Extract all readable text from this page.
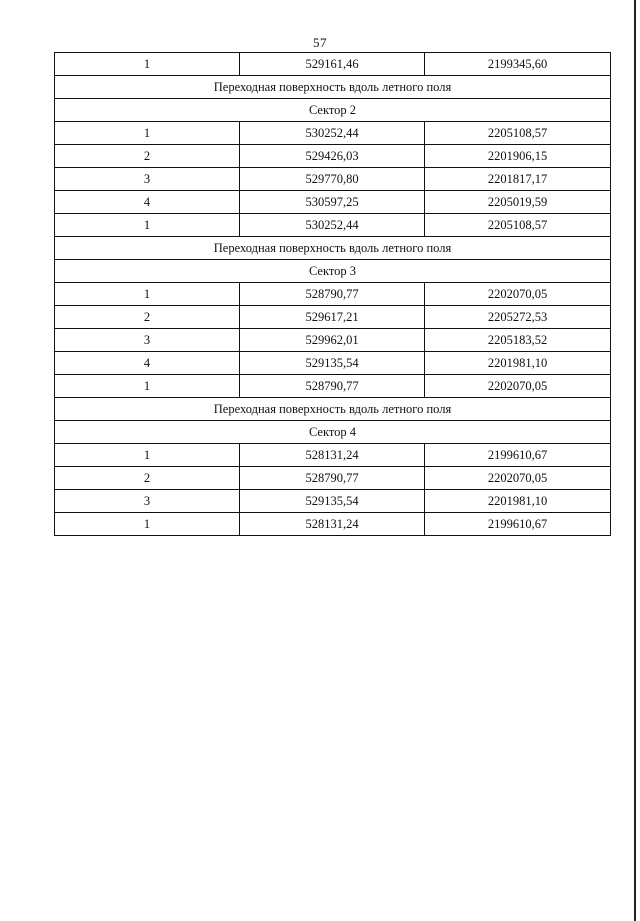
57
1	529161,46	2199345,60
Переходная поверхность вдоль летного поля		
Сектор 2		
1	530252,44	2205108,57
2	529426,03	2201906,15
3	529770,80	2201817,17
4	530597,25	2205019,59
1	530252,44	2205108,57
Переходная поверхность вдоль летного поля		
Сектор 3		
1	528790,77	2202070,05
2	529617,21	2205272,53
3	529962,01	2205183,52
4	529135,54	2201981,10
1	528790,77	2202070,05
Переходная поверхность вдоль летного поля		
Сектор 4		
1	528131,24	2199610,67
2	528790,77	2202070,05
3	529135,54	2201981,10
1	528131,24	2199610,67
